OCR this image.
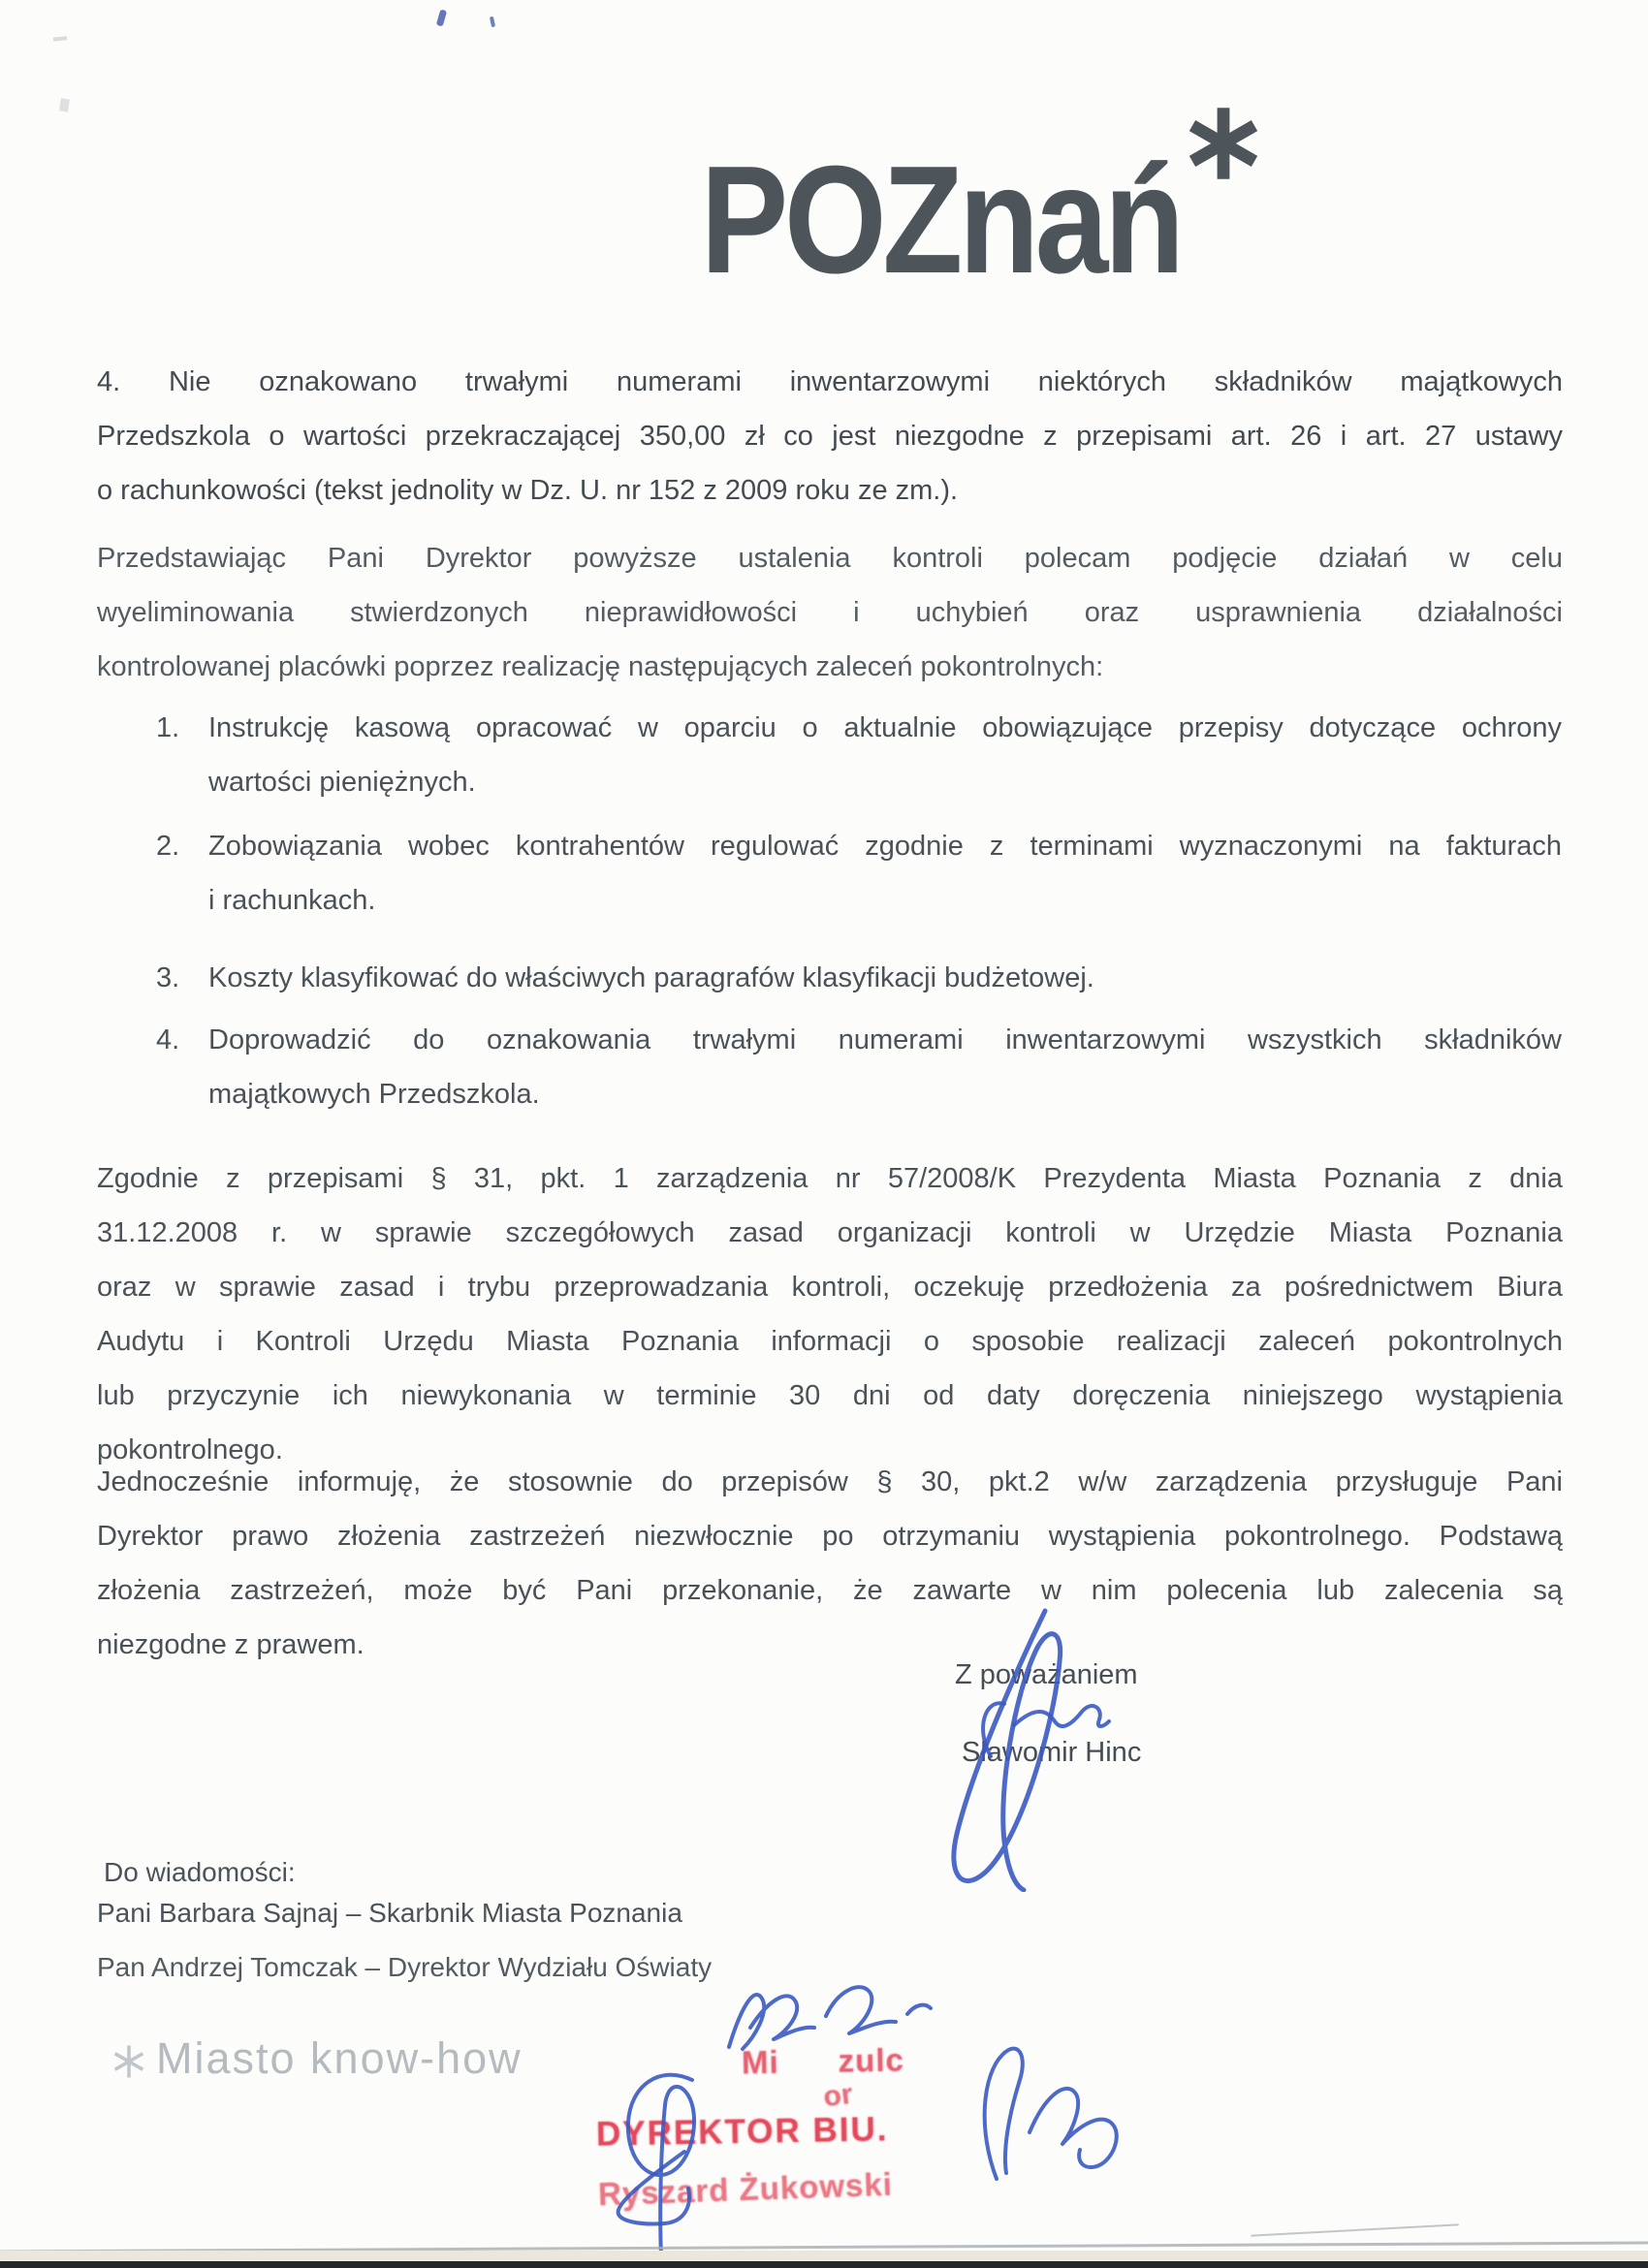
POZnań
4. Nie oznakowano trwałymi numerami inwentarzowymi niektórych składników majątkowych
Przedszkola o wartości przekraczającej 350,00 zł co jest niezgodne z przepisami art. 26 i art. 27 ustawy
o rachunkowości (tekst jednolity w Dz. U. nr 152 z 2009 roku ze zm.).
Przedstawiając Pani Dyrektor powyższe ustalenia kontroli polecam podjęcie działań w celu
wyeliminowania stwierdzonych nieprawidłowości i uchybień oraz usprawnienia działalności
kontrolowanej placówki poprzez realizację następujących zaleceń pokontrolnych:
1. Instrukcję kasową opracować w oparciu o aktualnie obowiązujące przepisy dotyczące ochrony
wartości pieniężnych.
2. Zobowiązania wobec kontrahentów regulować zgodnie z terminami wyznaczonymi na fakturach
i rachunkach.
3. Koszty klasyfikować do właściwych paragrafów klasyfikacji budżetowej.
4. Doprowadzić do oznakowania trwałymi numerami inwentarzowymi wszystkich składników
majątkowych Przedszkola.
Zgodnie z przepisami § 31, pkt. 1 zarządzenia nr 57/2008/K Prezydenta Miasta Poznania z dnia
31.12.2008 r. w sprawie szczegółowych zasad organizacji kontroli w Urzędzie Miasta Poznania
oraz w sprawie zasad i trybu przeprowadzania kontroli, oczekuję przedłożenia za pośrednictwem Biura
Audytu i Kontroli Urzędu Miasta Poznania informacji o sposobie realizacji zaleceń pokontrolnych
lub przyczynie ich niewykonania w terminie 30 dni od daty doręczenia niniejszego wystąpienia
pokontrolnego.
Jednocześnie informuję, że stosownie do przepisów § 30, pkt.2 w/w zarządzenia przysługuje Pani
Dyrektor prawo złożenia zastrzeżeń niezwłocznie po otrzymaniu wystąpienia pokontrolnego. Podstawą
złożenia zastrzeżeń, może być Pani przekonanie, że zawarte w nim polecenia lub zalecenia są
niezgodne z prawem.
Z poważaniem
Sławomir Hinc
Do wiadomości:
Pani Barbara Sajnaj – Skarbnik Miasta Poznania
Pan Andrzej Tomczak – Dyrektor Wydziału Oświaty
Miasto know-how	Mi      zulc
or
DYREKTOR BIU.
Ryszard Żukowski
